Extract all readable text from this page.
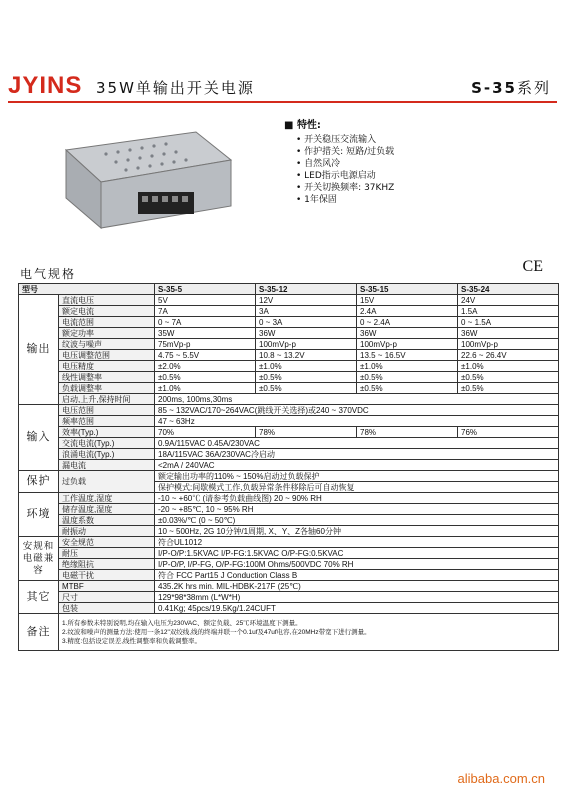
JYINS 35W单输出开关电源	S-35系列
■ 特性:
• 开关稳压交流输入
• 作护措关: 短路/过负载
• 自然风冷
• LED指示电源启动
• 开关切换频率: 37KHZ
• 1年保固
电气规格	CE
型号		S-35-5	S-35-12	S-35-15	S-35-24
输出	直流电压	5V	12V	15V	24V
	额定电流	7A	3A	2.4A	1.5A
	电流范围	0 ~ 7A	0 ~ 3A	0 ~ 2.4A	0 ~ 1.5A
	额定功率	35W	36W	36W	36W
	纹波与噪声	75mVp-p	100mVp-p	100mVp-p	100mVp-p
	电压调整范围	4.75 ~ 5.5V	10.8 ~ 13.2V	13.5 ~ 16.5V	22.6 ~ 26.4V
	电压精度	±2.0%	±1.0%	±1.0%	±1.0%
	线性调整率	±0.5%	±0.5%	±0.5%	±0.5%
	负载调整率	±1.0%	±0.5%	±0.5%	±0.5%
	启动,上升,保持时间	200ms, 100ms,30ms			
输入	电压范围	85 ~ 132VAC/170~264VAC(跳线开关选择)或240 ~ 370VDC			
	频率范围	47 ~ 63Hz			
	效率(Typ.)	70%	78%	78%	76%
	交流电流(Typ.)	0.9A/115VAC 0.45A/230VAC			
	浪涌电流(Typ.)	18A/115VAC 36A/230VAC冷启动			
	漏电流	<2mA / 240VAC			
保护	过负载	额定输出功率的110% ~ 150%启动过负载保护			
		保护模式:间歇模式工作,负载异常条件移除后可自动恢复			
环境	工作温度,湿度	-10 ~ +60℃ (请参考负载曲线图) 20 ~ 90% RH			
	储存温度,湿度	-20 ~ +85℃, 10 ~ 95% RH			
	温度系数	±0.03%/℃ (0 ~ 50℃)			
	耐振动	10 ~ 500Hz, 2G 10分钟/1周期, X、Y、Z各轴60分钟			
安规和电磁兼容	安全规范	符合UL1012			
	耐压	I/P-O/P:1.5KVAC I/P-FG:1.5KVAC O/P-FG:0.5KVAC			
	绝缘阻抗	I/P-O/P, I/P-FG, O/P-FG:100M Ohms/500VDC 70% RH			
	电磁干扰	符合 FCC Part15 J Conduction Class B			
其它	MTBF	435.2K hrs min. MIL-HDBK-217F (25℃)			
	尺寸	129*98*38mm (L*W*H)			
	包装	0.41Kg; 45pcs/19.5Kg/1.24CUFT			
备注	1.所有参数未特别说明,均在输入电压为230VAC、额定负载、25℃环境温度下测量。
2.纹波和噪声的测量方法:使用一条12"双绞线,线的终端并联一个0.1uf及47uf电容,在20MHz带宽下进行测量。
3.精度:包括设定误差,线性调整率和负载调整率。				
alibaba.com.cn
